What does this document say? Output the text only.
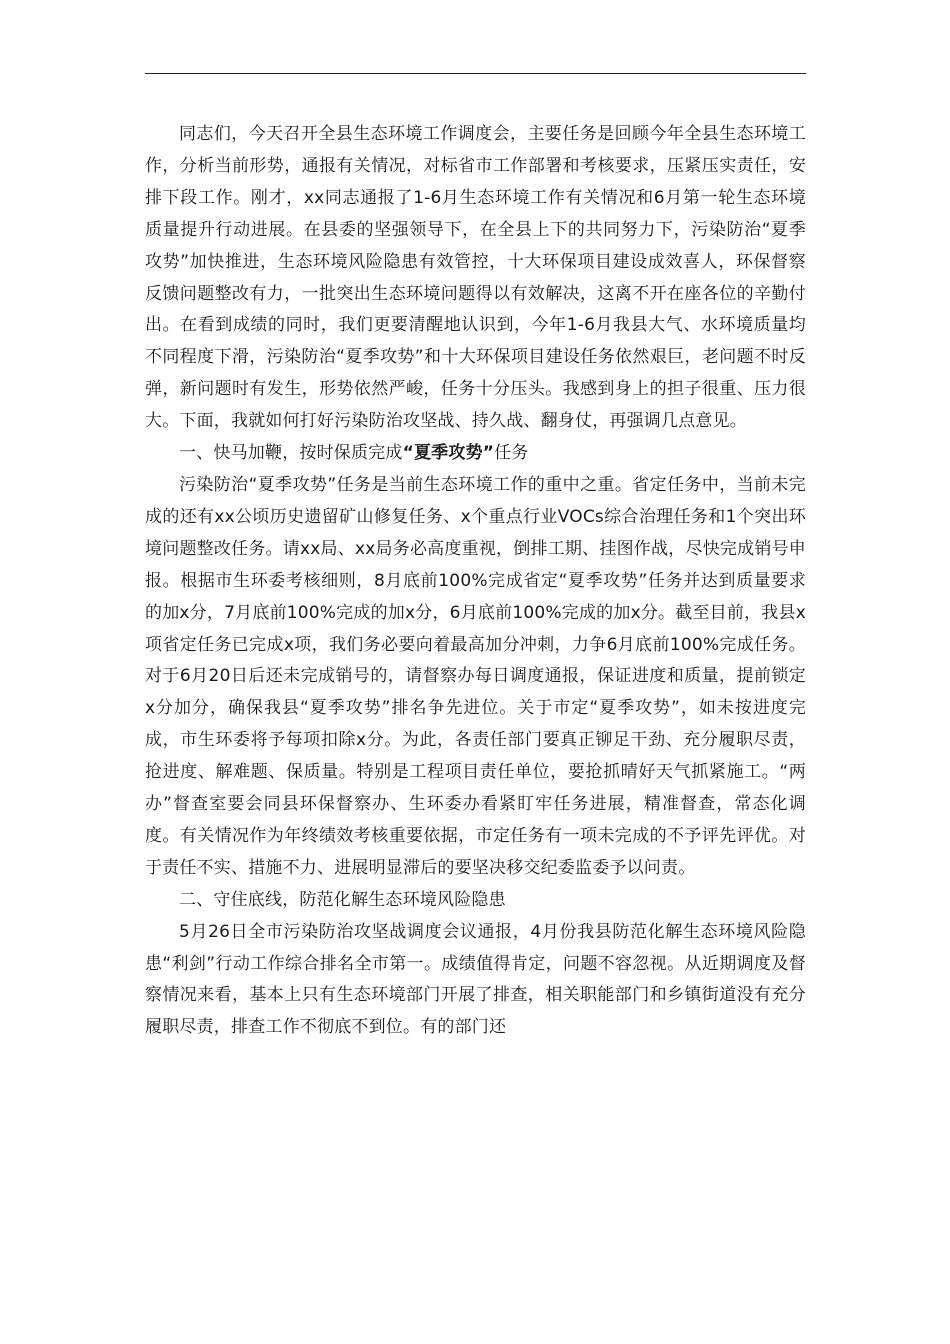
同志们，今天召开全县生态环境工作调度会，主要任务是回顾今年全县生态环境工作，分析当前形势，通报有关情况，对标省市工作部署和考核要求，压紧压实责任，安排下段工作。刚才，xx同志通报了1-6月生态环境工作有关情况和6月第一轮生态环境质量提升行动进展。在县委的坚强领导下，在全县上下的共同努力下，污染防治“夏季攻势”加快推进，生态环境风险隐患有效管控，十大环保项目建设成效喜人，环保督察反馈问题整改有力，一批突出生态环境问题得以有效解决，这离不开在座各位的辛勤付出。在看到成绩的同时，我们更要清醒地认识到，今年1-6月我县大气、水环境质量均不同程度下滑，污染防治“夏季攻势”和十大环保项目建设任务依然艰巨，老问题不时反弹，新问题时有发生，形势依然严峻，任务十分压头。我感到身上的担子很重、压力很大。下面，我就如何打好污染防治攻坚战、持久战、翻身仗，再强调几点意见。

一、快马加鞭，按时保质完成“夏季攻势”任务

污染防治“夏季攻势”任务是当前生态环境工作的重中之重。省定任务中，当前未完成的还有xx公顷历史遗留矿山修复任务、x个重点行业VOCs综合治理任务和1个突出环境问题整改任务。请xx局、xx局务必高度重视，倒排工期、挂图作战，尽快完成销号申报。根据市生环委考核细则，8月底前100%完成省定“夏季攻势”任务并达到质量要求的加x分，7月底前100%完成的加x分，6月底前100%完成的加x分。截至目前，我县x项省定任务已完成x项，我们务必要向着最高加分冲刺，力争6月底前100%完成任务。对于6月20日后还未完成销号的，请督察办每日调度通报，保证进度和质量，提前锁定x分加分，确保我县“夏季攻势”排名争先进位。关于市定“夏季攻势”，如未按进度完成，市生环委将予每项扣除x分。为此，各责任部门要真正铆足干劲、充分履职尽责，抢进度、解难题、保质量。特别是工程项目责任单位，要抢抓晴好天气抓紧施工。“两办”督查室要会同县环保督察办、生环委办看紧盯牢任务进展，精准督查，常态化调度。有关情况作为年终绩效考核重要依据，市定任务有一项未完成的不予评先评优。对于责任不实、措施不力、进展明显滞后的要坚决移交纪委监委予以问责。

二、守住底线，防范化解生态环境风险隐患

5月26日全市污染防治攻坚战调度会议通报，4月份我县防范化解生态环境风险隐患“利剑”行动工作综合排名全市第一。成绩值得肯定，问题不容忽视。从近期调度及督察情况来看，基本上只有生态环境部门开展了排查，相关职能部门和乡镇街道没有充分履职尽责，排查工作不彻底不到位。有的部门还
